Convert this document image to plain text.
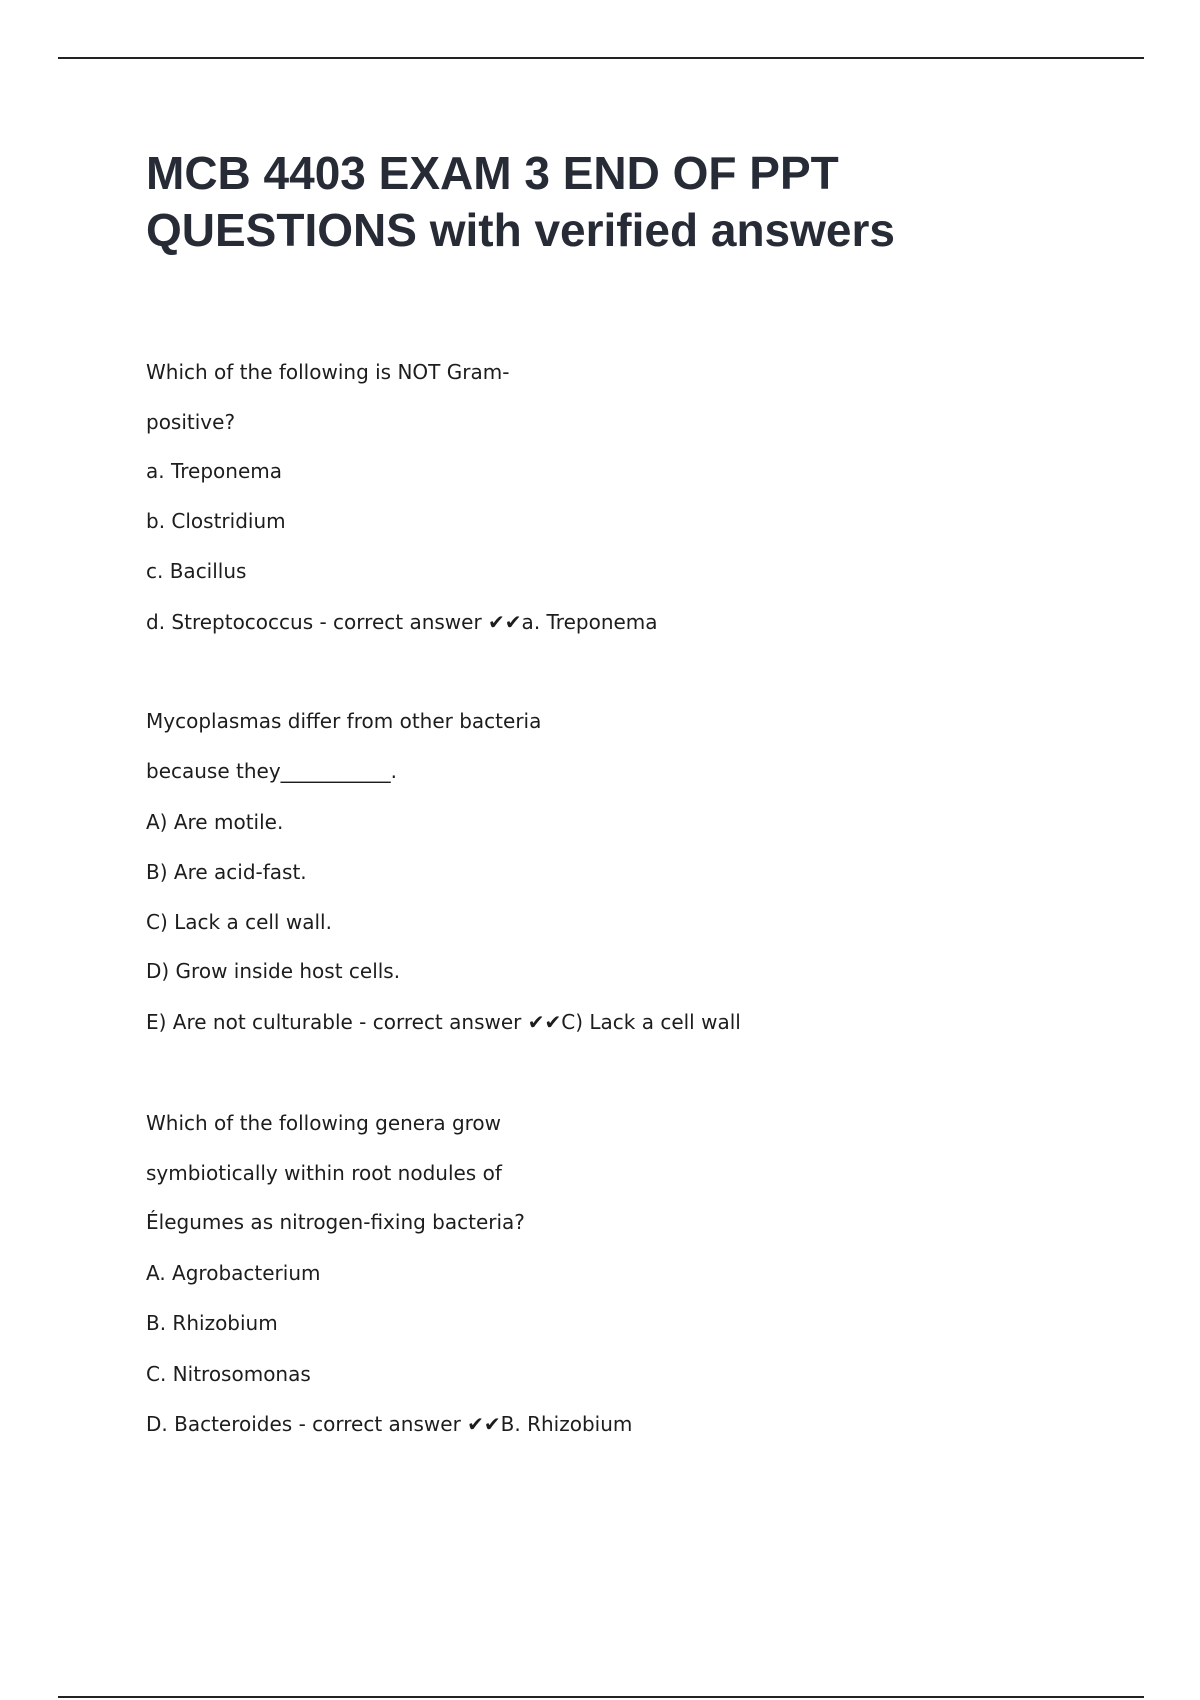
MCB 4403 EXAM 3 END OF PPT
QUESTIONS with verified answers
Which of the following is NOT Gram-
positive?
a. Treponema
b. Clostridium
c. Bacillus
d. Streptococcus - correct answer ✔✔a. Treponema
Mycoplasmas differ from other bacteria
because they___________.
A) Are motile.
B) Are acid-fast.
C) Lack a cell wall.
D) Grow inside host cells.
E) Are not culturable - correct answer ✔✔C) Lack a cell wall
Which of the following genera grow
symbiotically within root nodules of
Élegumes as nitrogen-fixing bacteria?
A. Agrobacterium
B. Rhizobium
C. Nitrosomonas
D. Bacteroides - correct answer ✔✔B. Rhizobium
